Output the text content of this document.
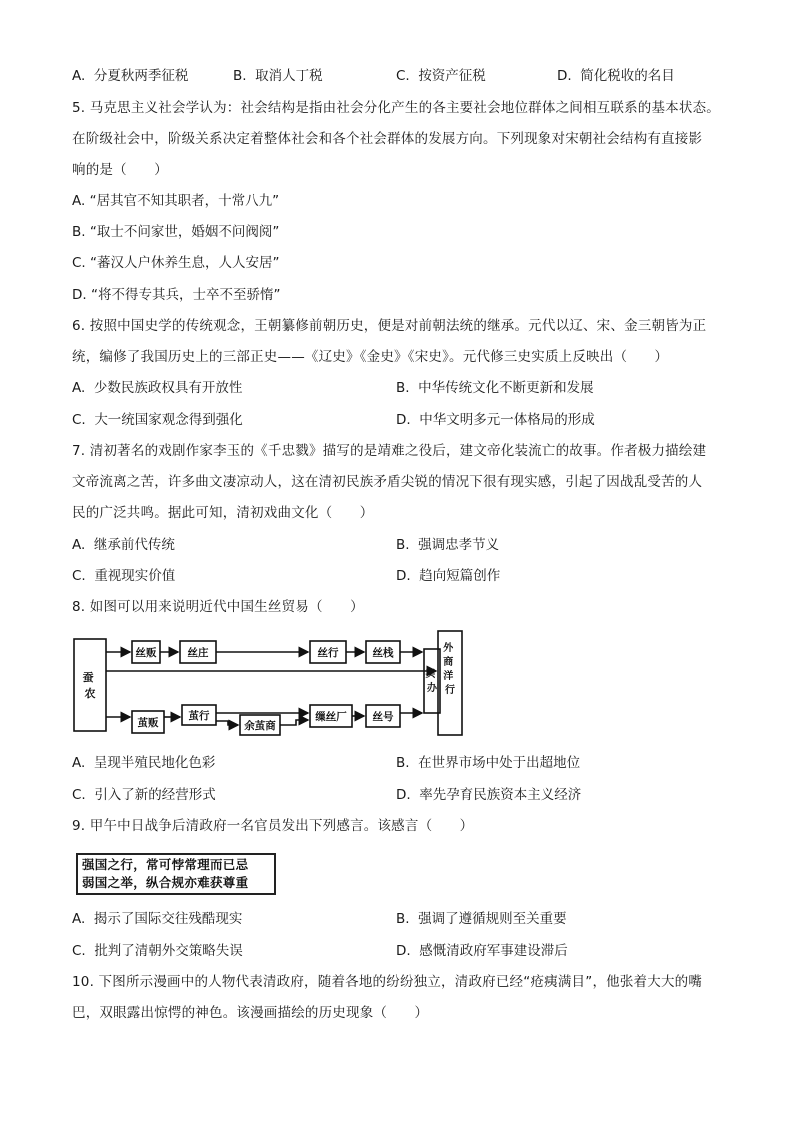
A. 分夏秋两季征税	B. 取消人丁税	C. 按资产征税	D. 简化税收的名目
5. 马克思主义社会学认为：社会结构是指由社会分化产生的各主要社会地位群体之间相互联系的基本状态。
在阶级社会中，阶级关系决定着整体社会和各个社会群体的发展方向。下列现象对宋朝社会结构有直接影
响的是（　　）
A. “居其官不知其职者，十常八九”
B. “取士不问家世，婚姻不问阀阅”
C. “蕃汉人户休养生息，人人安居”
D. “将不得专其兵，士卒不至骄惰”
6. 按照中国史学的传统观念，王朝纂修前朝历史，便是对前朝法统的继承。元代以辽、宋、金三朝皆为正
统，编修了我国历史上的三部正史——《辽史》《金史》《宋史》。元代修三史实质上反映出（　　）
A. 少数民族政权具有开放性	B. 中华传统文化不断更新和发展
C. 大一统国家观念得到强化	D. 中华文明多元一体格局的形成
7. 清初著名的戏剧作家李玉的《千忠戮》描写的是靖难之役后，建文帝化装流亡的故事。作者极力描绘建
文帝流离之苦，许多曲文凄凉动人，这在清初民族矛盾尖锐的情况下很有现实感，引起了因战乱受苦的人
民的广泛共鸣。据此可知，清初戏曲文化（　　）
A. 继承前代传统	B. 强调忠孝节义
C. 重视现实价值	D. 趋向短篇创作
8. 如图可以用来说明近代中国生丝贸易（　　）
蚕 农
丝贩	丝庄	丝行	丝栈
买 办
外 商 洋 行
茧贩
茧行
余茧商
缫丝厂 丝号
A. 呈现半殖民地化色彩	B. 在世界市场中处于出超地位
C. 引入了新的经营形式	D. 率先孕育民族资本主义经济
9. 甲午中日战争后清政府一名官员发出下列感言。该感言（　　）
强国之行，常可悖常理而已忌
弱国之举，纵合规亦难获尊重
A. 揭示了国际交往残酷现实	B. 强调了遵循规则至关重要
C. 批判了清朝外交策略失误	D. 感慨清政府军事建设滞后
10. 下图所示漫画中的人物代表清政府，随着各地的纷纷独立，清政府已经“疮痍满目”，他张着大大的嘴
巴，双眼露出惊愕的神色。该漫画描绘的历史现象（　　）
